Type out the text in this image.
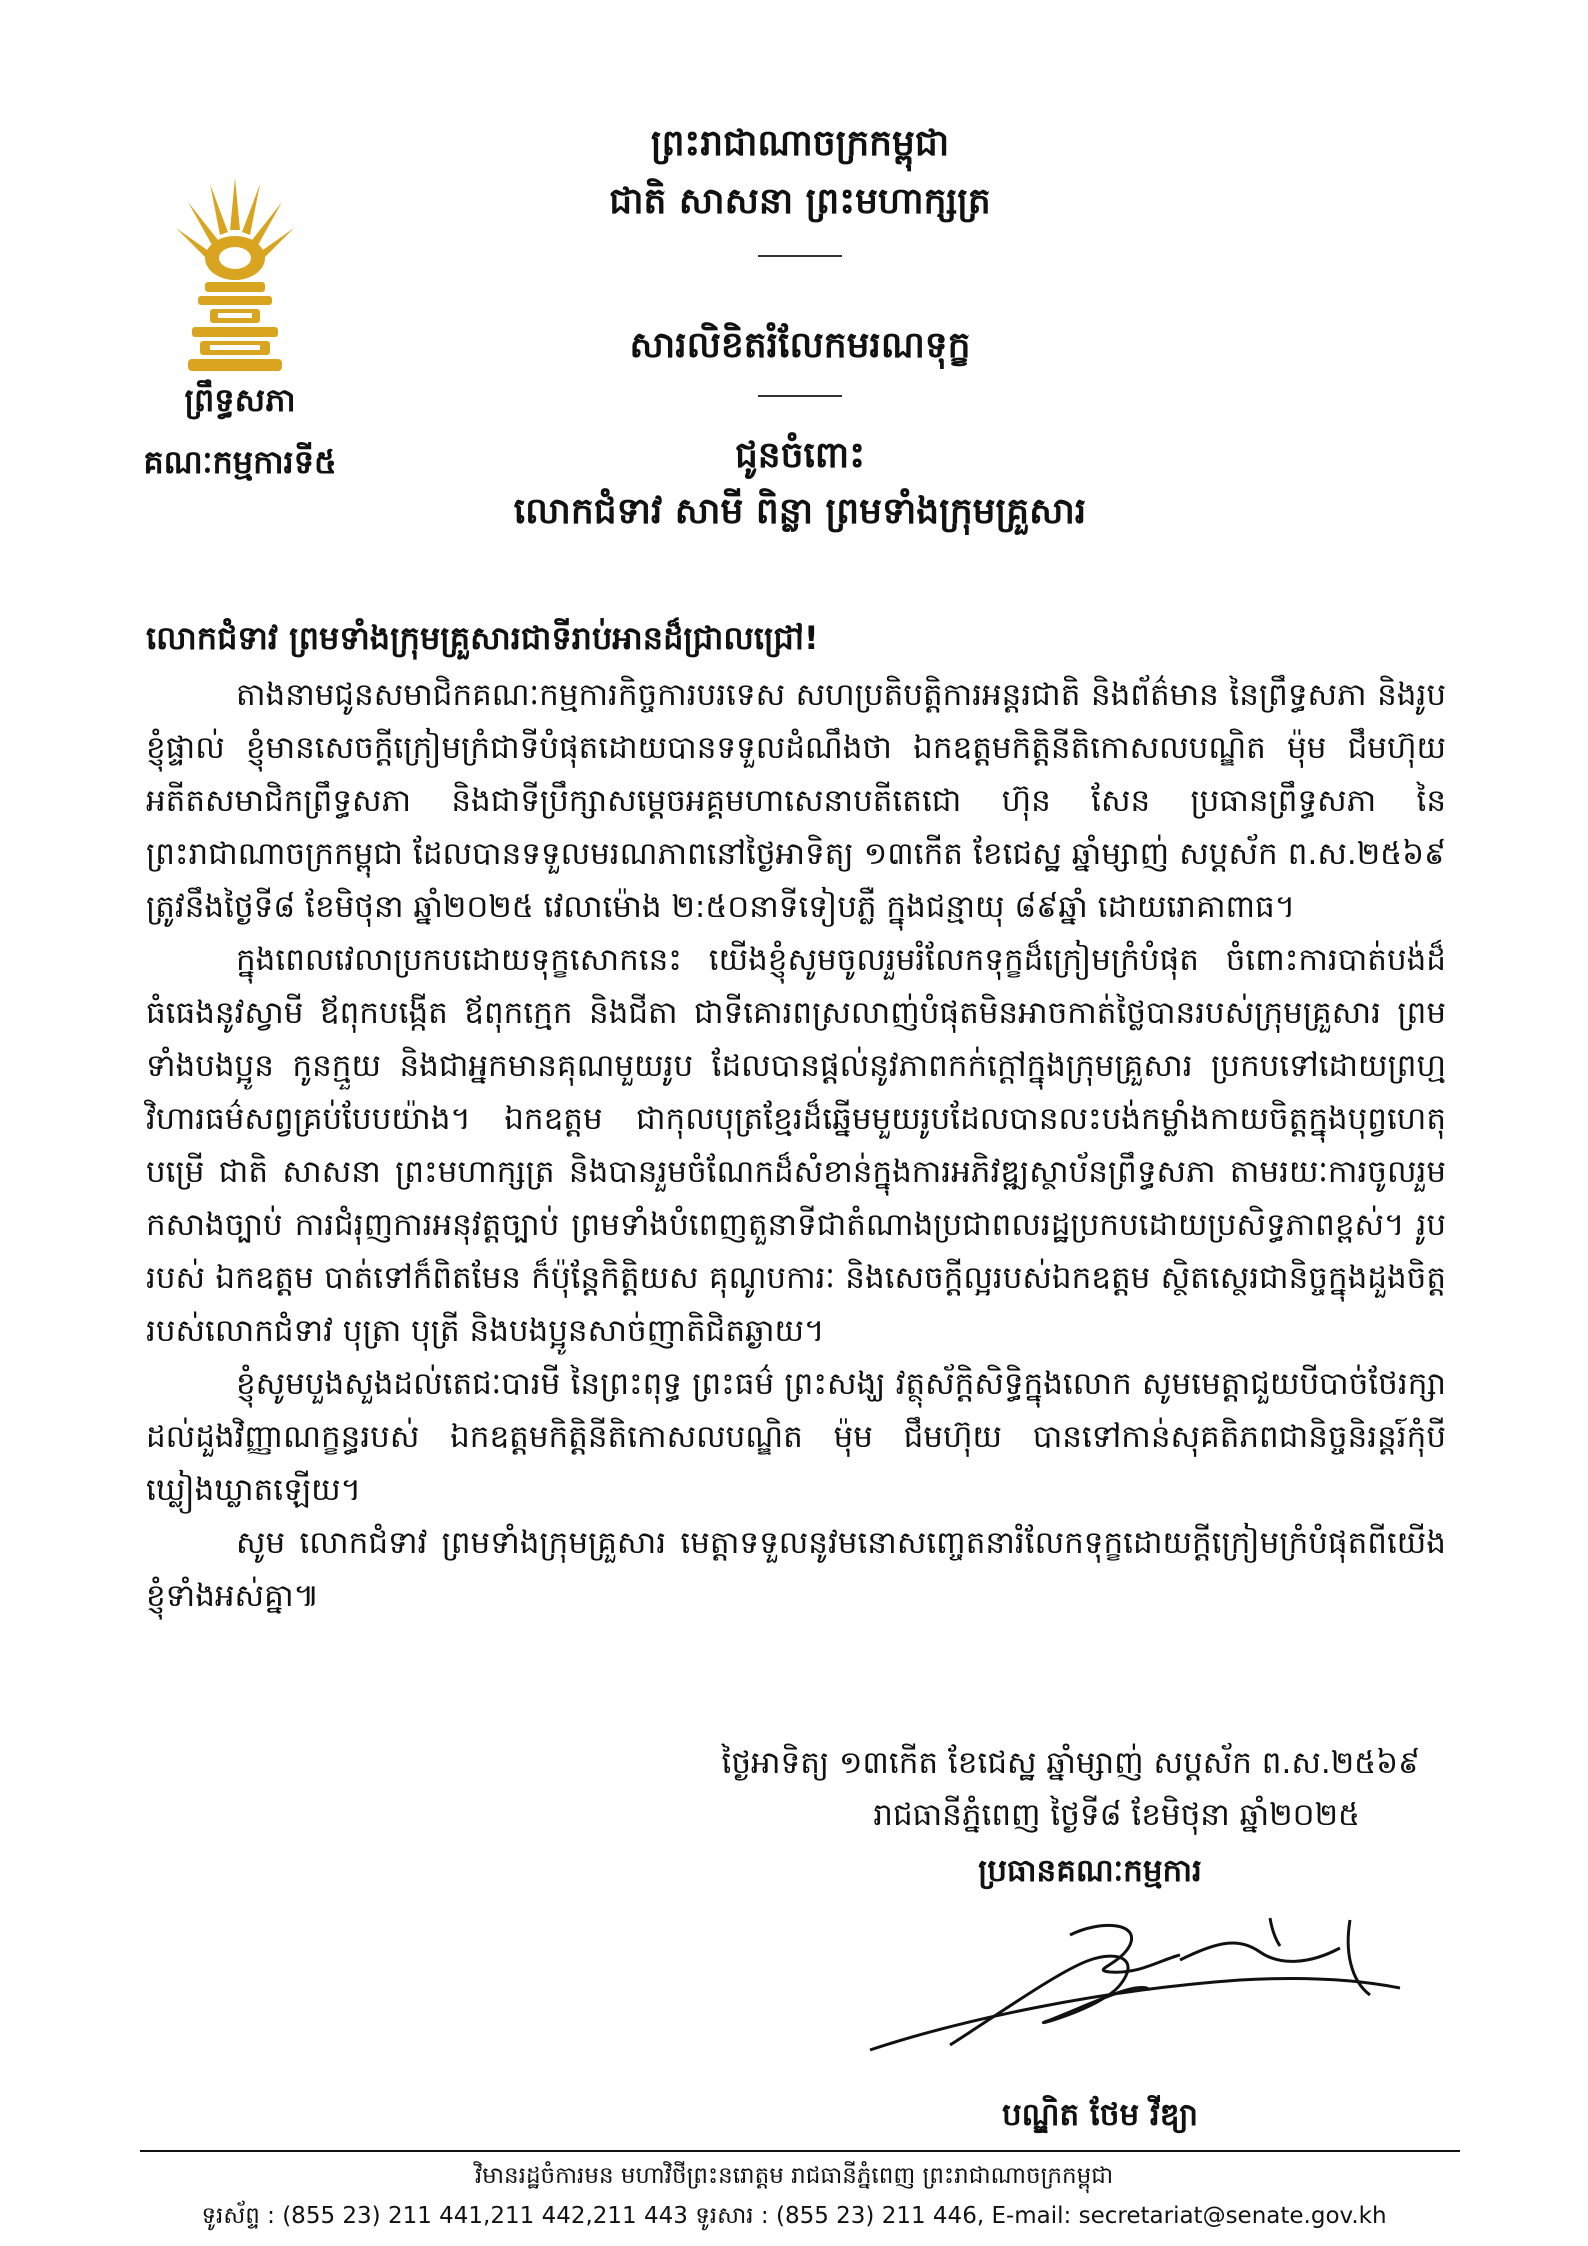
ព្រឹទ្ធសភា
គណៈកម្មការទី៥
ព្រះរាជាណាចក្រកម្ពុជា
ជាតិ សាសនា ព្រះមហាក្សត្រ
សារលិខិតរំលែកមរណទុក្ខ
ជូនចំពោះ
លោកជំទាវ សាមី ពិន្លា ព្រមទាំងក្រុមគ្រួសារ

លោកជំទាវ ព្រមទាំងក្រុមគ្រួសារជាទីរាប់អានដ៏ជ្រាលជ្រៅ!

តាងនាមជូនសមាជិកគណៈកម្មការកិច្ចការបរទេស សហប្រតិបត្តិការអន្តរជាតិ និងព័ត៌មាន នៃព្រឹទ្ធសភា និងរូបខ្ញុំផ្ទាល់ ខ្ញុំមានសេចក្តីក្រៀមក្រំជាទីបំផុតដោយបានទទួលដំណឹងថា ឯកឧត្តមកិត្តិនីតិកោសលបណ្ឌិត ម៉ុម ជឹមហ៊ុយ អតីតសមាជិកព្រឹទ្ធសភា និងជាទីប្រឹក្សាសម្តេចអគ្គមហាសេនាបតីតេជោ ហ៊ុន សែន ប្រធានព្រឹទ្ធសភា នៃព្រះរាជាណាចក្រកម្ពុជា ដែលបានទទួលមរណភាពនៅថ្ងៃអាទិត្យ ១៣កើត ខែជេស្ឋ ឆ្នាំម្សាញ់ សប្តស័ក ព.ស.២៥៦៩ ត្រូវនឹងថ្ងៃទី៨ ខែមិថុនា ឆ្នាំ២០២៥ វេលាម៉ោង ២:៥០នាទីទៀបភ្លឺ ក្នុងជន្មាយុ ៨៩ឆ្នាំ ដោយរោគាពាធ។

ក្នុងពេលវេលាប្រកបដោយទុក្ខសោកនេះ យើងខ្ញុំសូមចូលរួមរំលែកទុក្ខដ៏ក្រៀមក្រំបំផុត ចំពោះការបាត់បង់ដ៏ធំធេងនូវស្វាមី ឪពុកបង្កើត ឪពុកក្មេក និងជីតា ជាទីគោរពស្រលាញ់បំផុតមិនអាចកាត់ថ្លៃបានរបស់ក្រុមគ្រួសារ ព្រមទាំងបងប្អូន កូនក្មួយ និងជាអ្នកមានគុណមួយរូប ដែលបានផ្តល់នូវភាពកក់ក្តៅក្នុងក្រុមគ្រួសារ ប្រកបទៅដោយព្រហ្មវិហារធម៌សព្វគ្រប់បែបយ៉ាង។ ឯកឧត្តម ជាកុលបុត្រខ្មែរដ៏ឆ្នើមមួយរូបដែលបានលះបង់កម្លាំងកាយចិត្តក្នុងបុព្វហេតុបម្រើ ជាតិ សាសនា ព្រះមហាក្សត្រ និងបានរួមចំណែកដ៏សំខាន់ក្នុងការអភិវឌ្ឍស្ថាប័នព្រឹទ្ធសភា តាមរយៈការចូលរួមកសាងច្បាប់ ការជំរុញការអនុវត្តច្បាប់ ព្រមទាំងបំពេញតួនាទីជាតំណាងប្រជាពលរដ្ឋប្រកបដោយប្រសិទ្ធភាពខ្ពស់។ រូបរបស់ ឯកឧត្តម បាត់ទៅក៏ពិតមែន ក៏ប៉ុន្តែកិត្តិយស គុណូបការៈ និងសេចក្តីល្អរបស់ឯកឧត្តម ស្ថិតស្ថេរជានិច្ចក្នុងដួងចិត្តរបស់លោកជំទាវ បុត្រា បុត្រី និងបងប្អូនសាច់ញាតិជិតឆ្ងាយ។

ខ្ញុំសូមបួងសួងដល់តេជៈបារមី នៃព្រះពុទ្ធ ព្រះធម៌ ព្រះសង្ឃ វត្ថុស័ក្តិសិទ្ធិក្នុងលោក សូមមេត្តាជួយបីបាច់ថែរក្សាដល់ដួងវិញ្ញាណក្ខន្ធរបស់ ឯកឧត្តមកិត្តិនីតិកោសលបណ្ឌិត ម៉ុម ជឹមហ៊ុយ បានទៅកាន់សុគតិភពជានិច្ចនិរន្តរ៍កុំបីឃ្លៀងឃ្លាតឡើយ។

សូម លោកជំទាវ ព្រមទាំងក្រុមគ្រួសារ មេត្តាទទួលនូវមនោសញ្ចេតនារំលែកទុក្ខដោយក្តីក្រៀមក្រំបំផុតពីយើងខ្ញុំទាំងអស់គ្នា៕

ថ្ងៃអាទិត្យ ១៣កើត ខែជេស្ឋ ឆ្នាំម្សាញ់ សប្តស័ក ព.ស.២៥៦៩
រាជធានីភ្នំពេញ ថ្ងៃទី៨ ខែមិថុនា ឆ្នាំ២០២៥
ប្រធានគណៈកម្មការ
បណ្ឌិត ថែម វីឌ្យា
វិមានរដ្ឋចំការមន មហាវិថីព្រះនរោត្តម រាជធានីភ្នំពេញ ព្រះរាជាណាចក្រកម្ពុជា
ទូរស័ព្ទ : (855 23) 211 441,211 442,211 443 ទូរសារ : (855 23) 211 446, E-mail: secretariat@senate.gov.kh
